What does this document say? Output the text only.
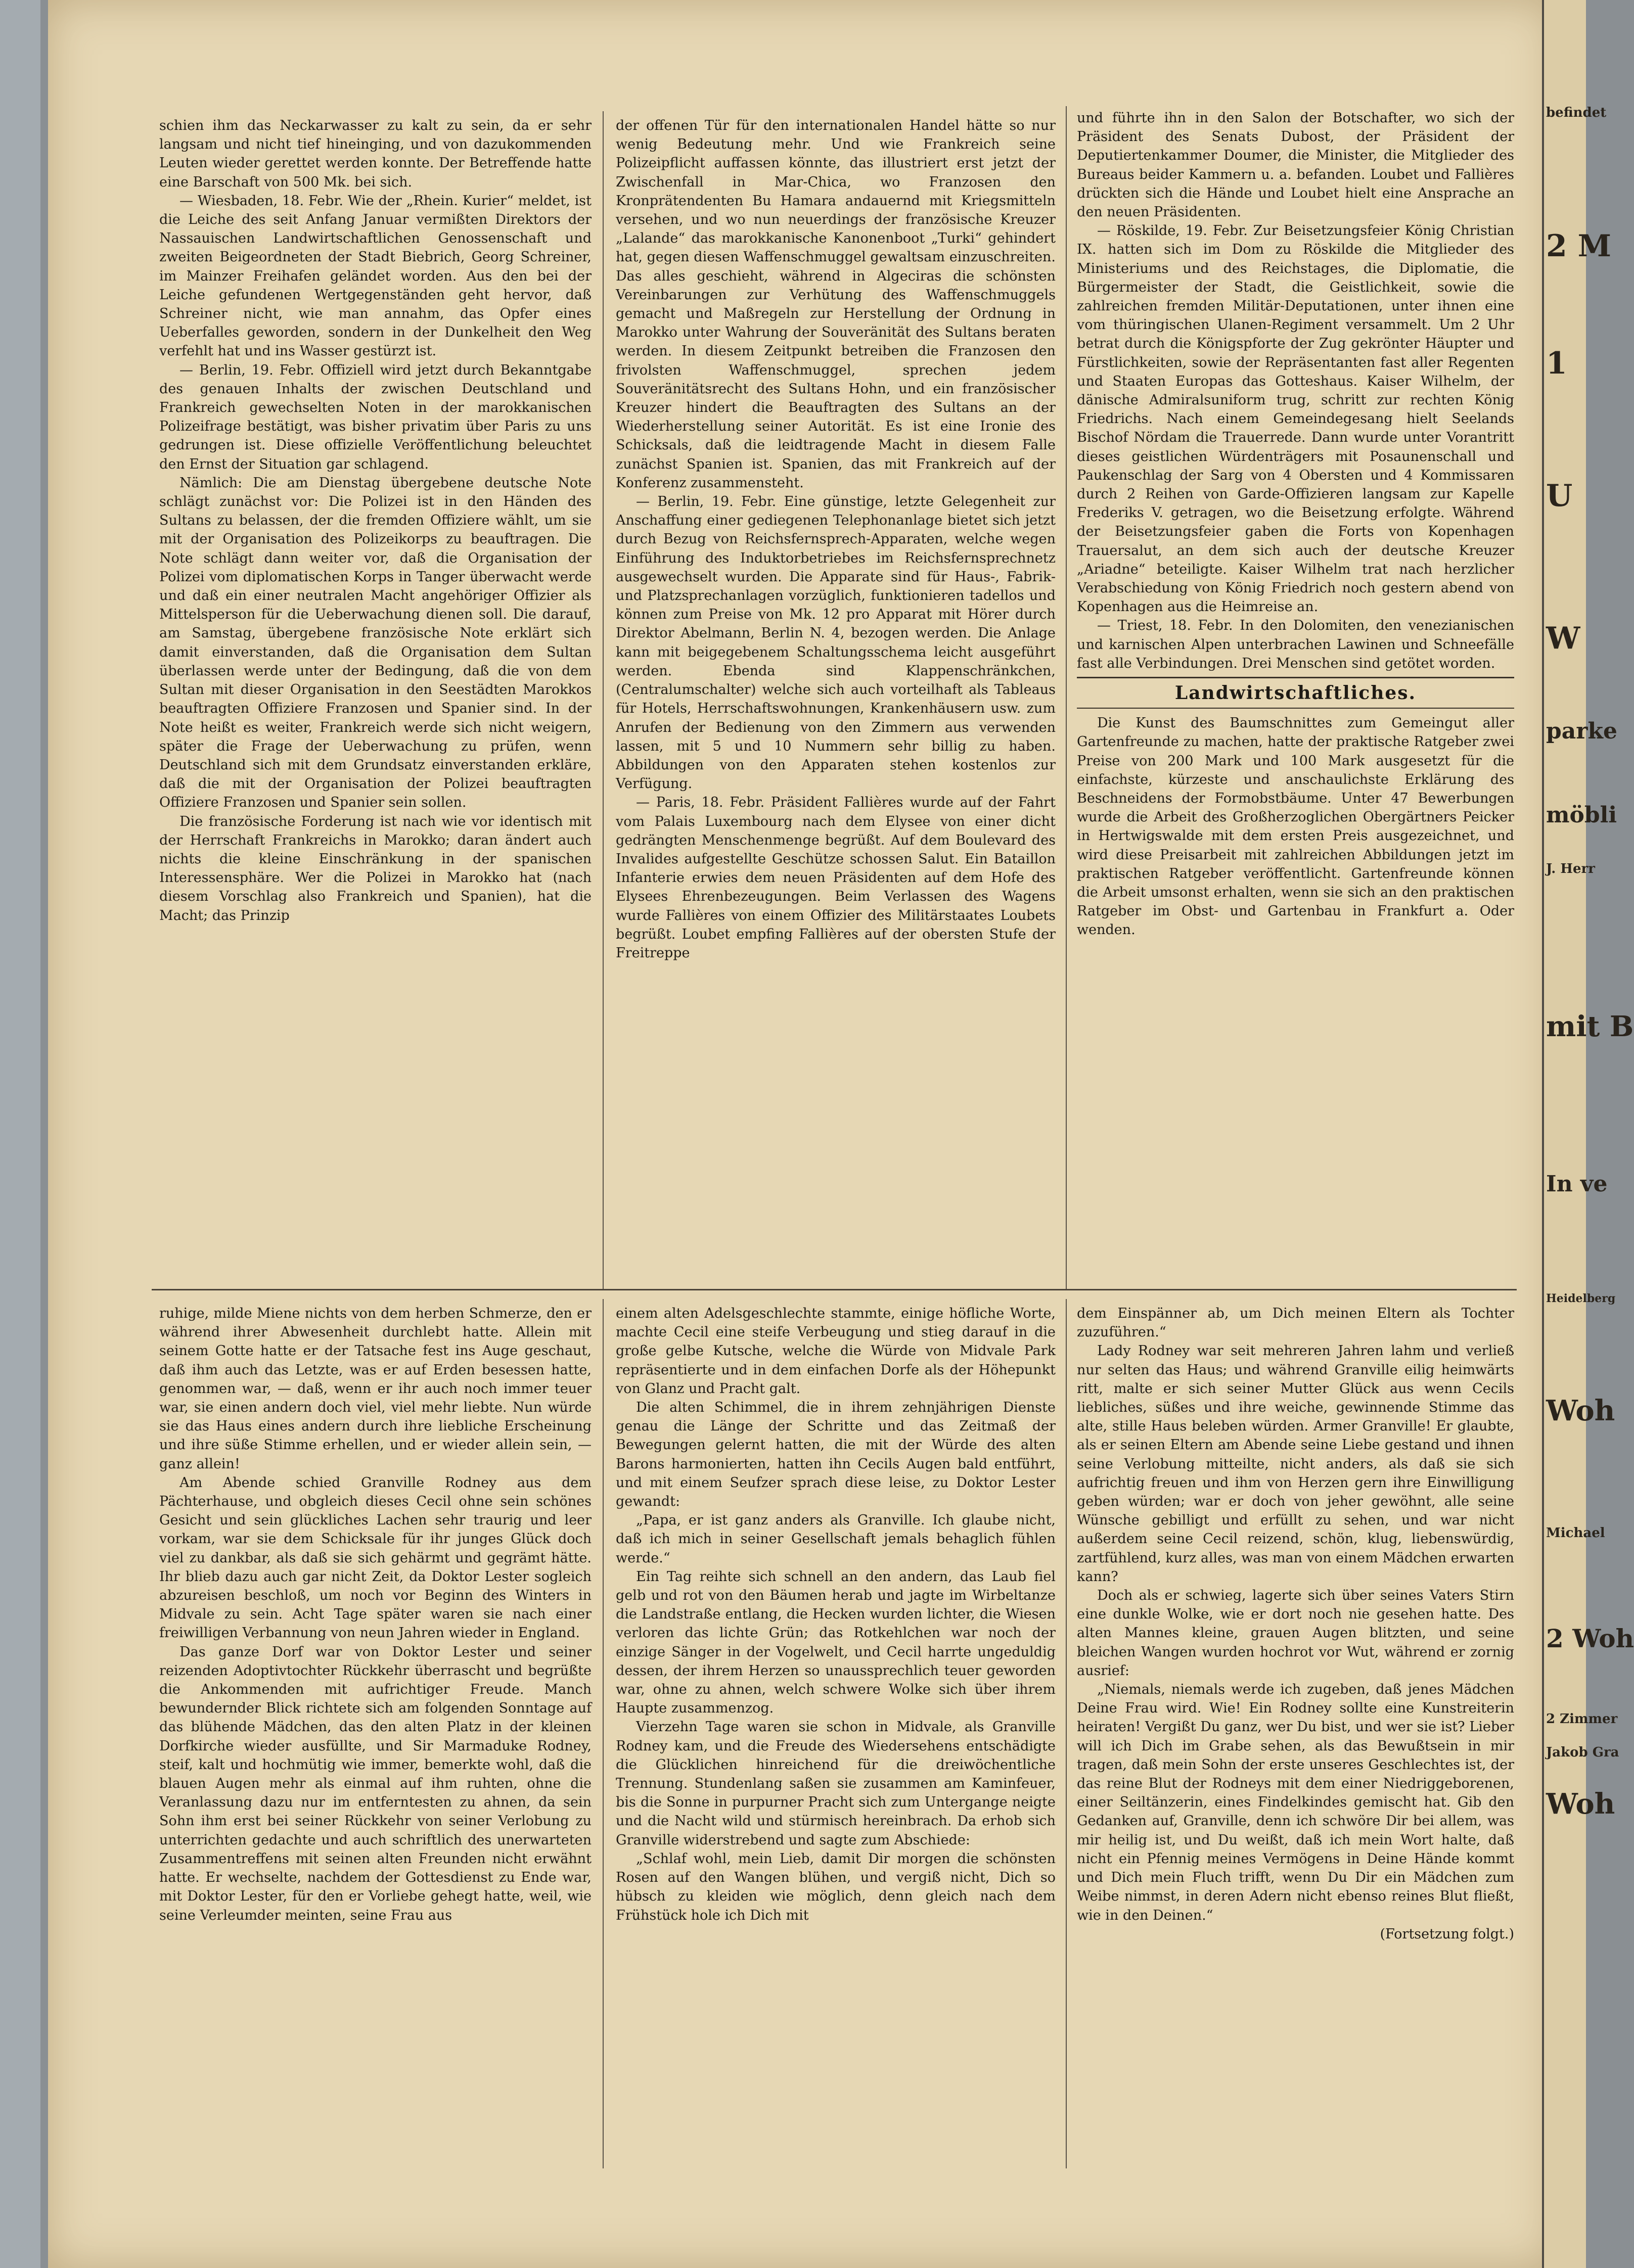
schien ihm das Neckarwasser zu kalt zu sein, da er sehr langsam und nicht tief hineinging, und von dazukommenden Leuten wieder gerettet werden konnte. Der Betreffende hatte eine Barschaft von 500 Mk. bei sich.

— Wiesbaden, 18. Febr. Wie der „Rhein. Kurier“ meldet, ist die Leiche des seit Anfang Januar vermißten Direktors der Nassauischen Landwirtschaftlichen Genossenschaft und zweiten Beigeordneten der Stadt Biebrich, Georg Schreiner, im Mainzer Freihafen geländet worden. Aus den bei der Leiche gefundenen Wertgegenständen geht hervor, daß Schreiner nicht, wie man annahm, das Opfer eines Ueberfalles geworden, sondern in der Dunkelheit den Weg verfehlt hat und ins Wasser gestürzt ist.

— Berlin, 19. Febr. Offiziell wird jetzt durch Bekanntgabe des genauen Inhalts der zwischen Deutschland und Frankreich gewechselten Noten in der marokkanischen Polizeifrage bestätigt, was bisher privatim über Paris zu uns gedrungen ist. Diese offizielle Veröffentlichung beleuchtet den Ernst der Situation gar schlagend.

Nämlich: Die am Dienstag übergebene deutsche Note schlägt zunächst vor: Die Polizei ist in den Händen des Sultans zu belassen, der die fremden Offiziere wählt, um sie mit der Organisation des Polizeikorps zu beauftragen. Die Note schlägt dann weiter vor, daß die Organisation der Polizei vom diplomatischen Korps in Tanger überwacht werde und daß ein einer neutralen Macht angehöriger Offizier als Mittelsperson für die Ueberwachung dienen soll. Die darauf, am Samstag, übergebene französische Note erklärt sich damit einverstanden, daß die Organisation dem Sultan überlassen werde unter der Bedingung, daß die von dem Sultan mit dieser Organisation in den Seestädten Marokkos beauftragten Offiziere Franzosen und Spanier sind. In der Note heißt es weiter, Frankreich werde sich nicht weigern, später die Frage der Ueberwachung zu prüfen, wenn Deutschland sich mit dem Grundsatz einverstanden erkläre, daß die mit der Organisation der Polizei beauftragten Offiziere Franzosen und Spanier sein sollen.

Die französische Forderung ist nach wie vor identisch mit der Herrschaft Frankreichs in Marokko; daran ändert auch nichts die kleine Einschränkung in der spanischen Interessensphäre. Wer die Polizei in Marokko hat (nach diesem Vorschlag also Frankreich und Spanien), hat die Macht; das Prinzip

der offenen Tür für den internationalen Handel hätte so nur wenig Bedeutung mehr. Und wie Frankreich seine Polizeipflicht auffassen könnte, das illustriert erst jetzt der Zwischenfall in Mar-Chica, wo Franzosen den Kronprätendenten Bu Hamara andauernd mit Kriegsmitteln versehen, und wo nun neuerdings der französische Kreuzer „Lalande“ das marokkanische Kanonenboot „Turki“ gehindert hat, gegen diesen Waffenschmuggel gewaltsam einzuschreiten. Das alles geschieht, während in Algeciras die schönsten Vereinbarungen zur Verhütung des Waffenschmuggels gemacht und Maßregeln zur Herstellung der Ordnung in Marokko unter Wahrung der Souveränität des Sultans beraten werden. In diesem Zeitpunkt betreiben die Franzosen den frivolsten Waffenschmuggel, sprechen jedem Souveränitätsrecht des Sultans Hohn, und ein französischer Kreuzer hindert die Beauftragten des Sultans an der Wiederherstellung seiner Autorität. Es ist eine Ironie des Schicksals, daß die leidtragende Macht in diesem Falle zunächst Spanien ist. Spanien, das mit Frankreich auf der Konferenz zusammensteht.

— Berlin, 19. Febr. Eine günstige, letzte Gelegenheit zur Anschaffung einer gediegenen Telephonanlage bietet sich jetzt durch Bezug von Reichsfernsprech-Apparaten, welche wegen Einführung des Induktorbetriebes im Reichsfernsprechnetz ausgewechselt wurden. Die Apparate sind für Haus-, Fabrik- und Platzsprechanlagen vorzüglich, funktionieren tadellos und können zum Preise von Mk. 12 pro Apparat mit Hörer durch Direktor Abelmann, Berlin N. 4, bezogen werden. Die Anlage kann mit beigegebenem Schaltungsschema leicht ausgeführt werden. Ebenda sind Klappenschränkchen, (Centralumschalter) welche sich auch vorteilhaft als Tableaus für Hotels, Herrschaftswohnungen, Krankenhäusern usw. zum Anrufen der Bedienung von den Zimmern aus verwenden lassen, mit 5 und 10 Nummern sehr billig zu haben. Abbildungen von den Apparaten stehen kostenlos zur Verfügung.

— Paris, 18. Febr. Präsident Fallières wurde auf der Fahrt vom Palais Luxembourg nach dem Elysee von einer dicht gedrängten Menschenmenge begrüßt. Auf dem Boulevard des Invalides aufgestellte Geschütze schossen Salut. Ein Bataillon Infanterie erwies dem neuen Präsidenten auf dem Hofe des Elysees Ehrenbezeugungen. Beim Verlassen des Wagens wurde Fallières von einem Offizier des Militärstaates Loubets begrüßt. Loubet empfing Fallières auf der obersten Stufe der Freitreppe

und führte ihn in den Salon der Botschafter, wo sich der Präsident des Senats Dubost, der Präsident der Deputiertenkammer Doumer, die Minister, die Mitglieder des Bureaus beider Kammern u. a. befanden. Loubet und Fallières drückten sich die Hände und Loubet hielt eine Ansprache an den neuen Präsidenten.

— Röskilde, 19. Febr. Zur Beisetzungsfeier König Christian IX. hatten sich im Dom zu Röskilde die Mitglieder des Ministeriums und des Reichstages, die Diplomatie, die Bürgermeister der Stadt, die Geistlichkeit, sowie die zahlreichen fremden Militär-Deputationen, unter ihnen eine vom thüringischen Ulanen-Regiment versammelt. Um 2 Uhr betrat durch die Königspforte der Zug gekrönter Häupter und Fürstlichkeiten, sowie der Repräsentanten fast aller Regenten und Staaten Europas das Gotteshaus. Kaiser Wilhelm, der dänische Admiralsuniform trug, schritt zur rechten König Friedrichs. Nach einem Gemeindegesang hielt Seelands Bischof Nördam die Trauerrede. Dann wurde unter Vorantritt dieses geistlichen Würdenträgers mit Posaunenschall und Paukenschlag der Sarg von 4 Obersten und 4 Kommissaren durch 2 Reihen von Garde-Offizieren langsam zur Kapelle Frederiks V. getragen, wo die Beisetzung erfolgte. Während der Beisetzungsfeier gaben die Forts von Kopenhagen Trauersalut, an dem sich auch der deutsche Kreuzer „Ariadne“ beteiligte. Kaiser Wilhelm trat nach herzlicher Verabschiedung von König Friedrich noch gestern abend von Kopenhagen aus die Heimreise an.

— Triest, 18. Febr. In den Dolomiten, den venezianischen und karnischen Alpen unterbrachen Lawinen und Schneefälle fast alle Verbindungen. Drei Menschen sind getötet worden.

Landwirtschaftliches.

Die Kunst des Baumschnittes zum Gemeingut aller Gartenfreunde zu machen, hatte der praktische Ratgeber zwei Preise von 200 Mark und 100 Mark ausgesetzt für die einfachste, kürzeste und anschaulichste Erklärung des Beschneidens der Formobstbäume. Unter 47 Bewerbungen wurde die Arbeit des Großherzoglichen Obergärtners Peicker in Hertwigswalde mit dem ersten Preis ausgezeichnet, und wird diese Preisarbeit mit zahlreichen Abbildungen jetzt im praktischen Ratgeber veröffentlicht. Gartenfreunde können die Arbeit umsonst erhalten, wenn sie sich an den praktischen Ratgeber im Obst- und Gartenbau in Frankfurt a. Oder wenden.

ruhige, milde Miene nichts von dem herben Schmerze, den er während ihrer Abwesenheit durchlebt hatte. Allein mit seinem Gotte hatte er der Tatsache fest ins Auge geschaut, daß ihm auch das Letzte, was er auf Erden besessen hatte, genommen war, — daß, wenn er ihr auch noch immer teuer war, sie einen andern doch viel, viel mehr liebte. Nun würde sie das Haus eines andern durch ihre liebliche Erscheinung und ihre süße Stimme erhellen, und er wieder allein sein, — ganz allein!

Am Abende schied Granville Rodney aus dem Pächterhause, und obgleich dieses Cecil ohne sein schönes Gesicht und sein glückliches Lachen sehr traurig und leer vorkam, war sie dem Schicksale für ihr junges Glück doch viel zu dankbar, als daß sie sich gehärmt und gegrämt hätte. Ihr blieb dazu auch gar nicht Zeit, da Doktor Lester sogleich abzureisen beschloß, um noch vor Beginn des Winters in Midvale zu sein. Acht Tage später waren sie nach einer freiwilligen Verbannung von neun Jahren wieder in England.

Das ganze Dorf war von Doktor Lester und seiner reizenden Adoptivtochter Rückkehr überrascht und begrüßte die Ankommenden mit aufrichtiger Freude. Manch bewundernder Blick richtete sich am folgenden Sonntage auf das blühende Mädchen, das den alten Platz in der kleinen Dorfkirche wieder ausfüllte, und Sir Marmaduke Rodney, steif, kalt und hochmütig wie immer, bemerkte wohl, daß die blauen Augen mehr als einmal auf ihm ruhten, ohne die Veranlassung dazu nur im entferntesten zu ahnen, da sein Sohn ihm erst bei seiner Rückkehr von seiner Verlobung zu unterrichten gedachte und auch schriftlich des unerwarteten Zusammentreffens mit seinen alten Freunden nicht erwähnt hatte. Er wechselte, nachdem der Gottesdienst zu Ende war, mit Doktor Lester, für den er Vorliebe gehegt hatte, weil, wie seine Verleumder meinten, seine Frau aus

einem alten Adelsgeschlechte stammte, einige höfliche Worte, machte Cecil eine steife Verbeugung und stieg darauf in die große gelbe Kutsche, welche die Würde von Midvale Park repräsentierte und in dem einfachen Dorfe als der Höhepunkt von Glanz und Pracht galt.

Die alten Schimmel, die in ihrem zehnjährigen Dienste genau die Länge der Schritte und das Zeitmaß der Bewegungen gelernt hatten, die mit der Würde des alten Barons harmonierten, hatten ihn Cecils Augen bald entführt, und mit einem Seufzer sprach diese leise, zu Doktor Lester gewandt:

„Papa, er ist ganz anders als Granville. Ich glaube nicht, daß ich mich in seiner Gesellschaft jemals behaglich fühlen werde.“

Ein Tag reihte sich schnell an den andern, das Laub fiel gelb und rot von den Bäumen herab und jagte im Wirbeltanze die Landstraße entlang, die Hecken wurden lichter, die Wiesen verloren das lichte Grün; das Rotkehlchen war noch der einzige Sänger in der Vogelwelt, und Cecil harrte ungeduldig dessen, der ihrem Herzen so unaussprechlich teuer geworden war, ohne zu ahnen, welch schwere Wolke sich über ihrem Haupte zusammenzog.

Vierzehn Tage waren sie schon in Midvale, als Granville Rodney kam, und die Freude des Wiedersehens entschädigte die Glücklichen hinreichend für die dreiwöchentliche Trennung. Stundenlang saßen sie zusammen am Kaminfeuer, bis die Sonne in purpurner Pracht sich zum Untergange neigte und die Nacht wild und stürmisch hereinbrach. Da erhob sich Granville widerstrebend und sagte zum Abschiede:

„Schlaf wohl, mein Lieb, damit Dir morgen die schönsten Rosen auf den Wangen blühen, und vergiß nicht, Dich so hübsch zu kleiden wie möglich, denn gleich nach dem Frühstück hole ich Dich mit

dem Einspänner ab, um Dich meinen Eltern als Tochter zuzuführen.“

Lady Rodney war seit mehreren Jahren lahm und verließ nur selten das Haus; und während Granville eilig heimwärts ritt, malte er sich seiner Mutter Glück aus wenn Cecils liebliches, süßes und ihre weiche, gewinnende Stimme das alte, stille Haus beleben würden. Armer Granville! Er glaubte, als er seinen Eltern am Abende seine Liebe gestand und ihnen seine Verlobung mitteilte, nicht anders, als daß sie sich aufrichtig freuen und ihm von Herzen gern ihre Einwilligung geben würden; war er doch von jeher gewöhnt, alle seine Wünsche gebilligt und erfüllt zu sehen, und war nicht außerdem seine Cecil reizend, schön, klug, liebenswürdig, zartfühlend, kurz alles, was man von einem Mädchen erwarten kann?

Doch als er schwieg, lagerte sich über seines Vaters Stirn eine dunkle Wolke, wie er dort noch nie gesehen hatte. Des alten Mannes kleine, grauen Augen blitzten, und seine bleichen Wangen wurden hochrot vor Wut, während er zornig ausrief:

„Niemals, niemals werde ich zugeben, daß jenes Mädchen Deine Frau wird. Wie! Ein Rodney sollte eine Kunstreiterin heiraten! Vergißt Du ganz, wer Du bist, und wer sie ist? Lieber will ich Dich im Grabe sehen, als das Bewußtsein in mir tragen, daß mein Sohn der erste unseres Geschlechtes ist, der das reine Blut der Rodneys mit dem einer Niedriggeborenen, einer Seiltänzerin, eines Findelkindes gemischt hat. Gib den Gedanken auf, Granville, denn ich schwöre Dir bei allem, was mir heilig ist, und Du weißt, daß ich mein Wort halte, daß nicht ein Pfennig meines Vermögens in Deine Hände kommt und Dich mein Fluch trifft, wenn Du Dir ein Mädchen zum Weibe nimmst, in deren Adern nicht ebenso reines Blut fließt, wie in den Deinen.“

(Fortsetzung folgt.)

befindet
2 M
1
U
W
parke
möbli
J. Herr
mit B
In ve
Heidelberg
Woh
Michael
2 Woh
2 Zimmer
Jakob Gra
Woh
